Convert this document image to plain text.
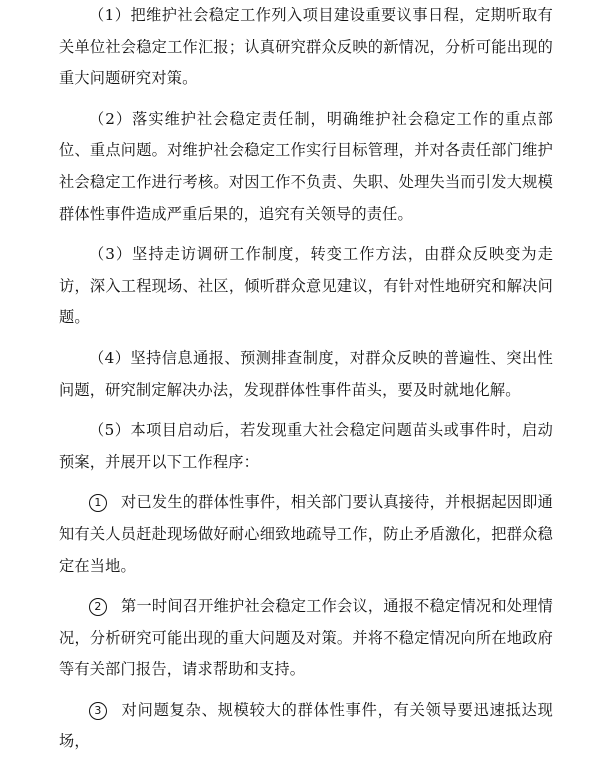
（1）把维护社会稳定工作列入项目建设重要议事日程，定期听取有关单位社会稳定工作汇报；认真研究群众反映的新情况，分析可能出现的重大问题研究对策。

（2）落实维护社会稳定责任制，明确维护社会稳定工作的重点部位、重点问题。对维护社会稳定工作实行目标管理，并对各责任部门维护社会稳定工作进行考核。对因工作不负责、失职、处理失当而引发大规模群体性事件造成严重后果的，追究有关领导的责任。

（3）坚持走访调研工作制度，转变工作方法，由群众反映变为走访，深入工程现场、社区，倾听群众意见建议，有针对性地研究和解决问题。

（4）坚持信息通报、预测排查制度，对群众反映的普遍性、突出性问题，研究制定解决办法，发现群体性事件苗头，要及时就地化解。

（5）本项目启动后，若发现重大社会稳定问题苗头或事件时，启动预案，并展开以下工作程序：

1 对已发生的群体性事件，相关部门要认真接待，并根据起因即通知有关人员赶赴现场做好耐心细致地疏导工作，防止矛盾激化，把群众稳定在当地。

2 第一时间召开维护社会稳定工作会议，通报不稳定情况和处理情况，分析研究可能出现的重大问题及对策。并将不稳定情况向所在地政府等有关部门报告，请求帮助和支持。

3 对问题复杂、规模较大的群体性事件，有关领导要迅速抵达现场，
